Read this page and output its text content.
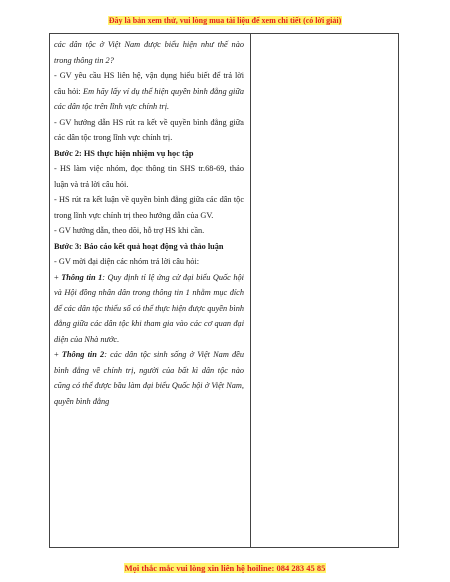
Đây là bản xem thử, vui lòng mua tài liệu để xem chi tiết (có lời giải)

các dân tộc ở Việt Nam được biểu hiện như thế nào trong thông tin 2?

- GV yêu cầu HS liên hệ, vận dụng hiểu biết để trả lời câu hỏi: Em hãy lấy ví dụ thể hiện quyền bình đẳng giữa các dân tộc trên lĩnh vực chính trị.

- GV hướng dẫn HS rút ra kết về quyền bình đẳng giữa các dân tộc trong lĩnh vực chính trị.

Bước 2: HS thực hiện nhiệm vụ học tập

- HS làm việc nhóm, đọc thông tin SHS tr.68-69, thảo luận và trả lời câu hỏi.

- HS rút ra kết luận về quyền bình đẳng giữa các dân tộc trong lĩnh vực chính trị theo hướng dẫn của GV.

- GV hướng dẫn, theo dõi, hỗ trợ HS khi cần.

Bước 3: Báo cáo kết quả hoạt động và thảo luận

- GV mời đại diện các nhóm trả lời câu hỏi:

+ Thông tin 1: Quy định tỉ lệ ứng cử đại biểu Quốc hội và Hội đồng nhân dân trong thông tin 1 nhằm mục đích để các dân tộc thiểu số có thể thực hiện được quyền bình đẳng giữa các dân tộc khi tham gia vào các cơ quan đại diện của Nhà nước.

+ Thông tin 2: các dân tộc sinh sống ở Việt Nam đều bình đẳng về chính trị, người của bất kì dân tộc nào cũng có thể được bầu làm đại biểu Quốc hội ở Việt Nam, quyền bình đẳng

Mọi thắc mắc vui lòng xin liên hệ hoiline: 084 283 45 85
